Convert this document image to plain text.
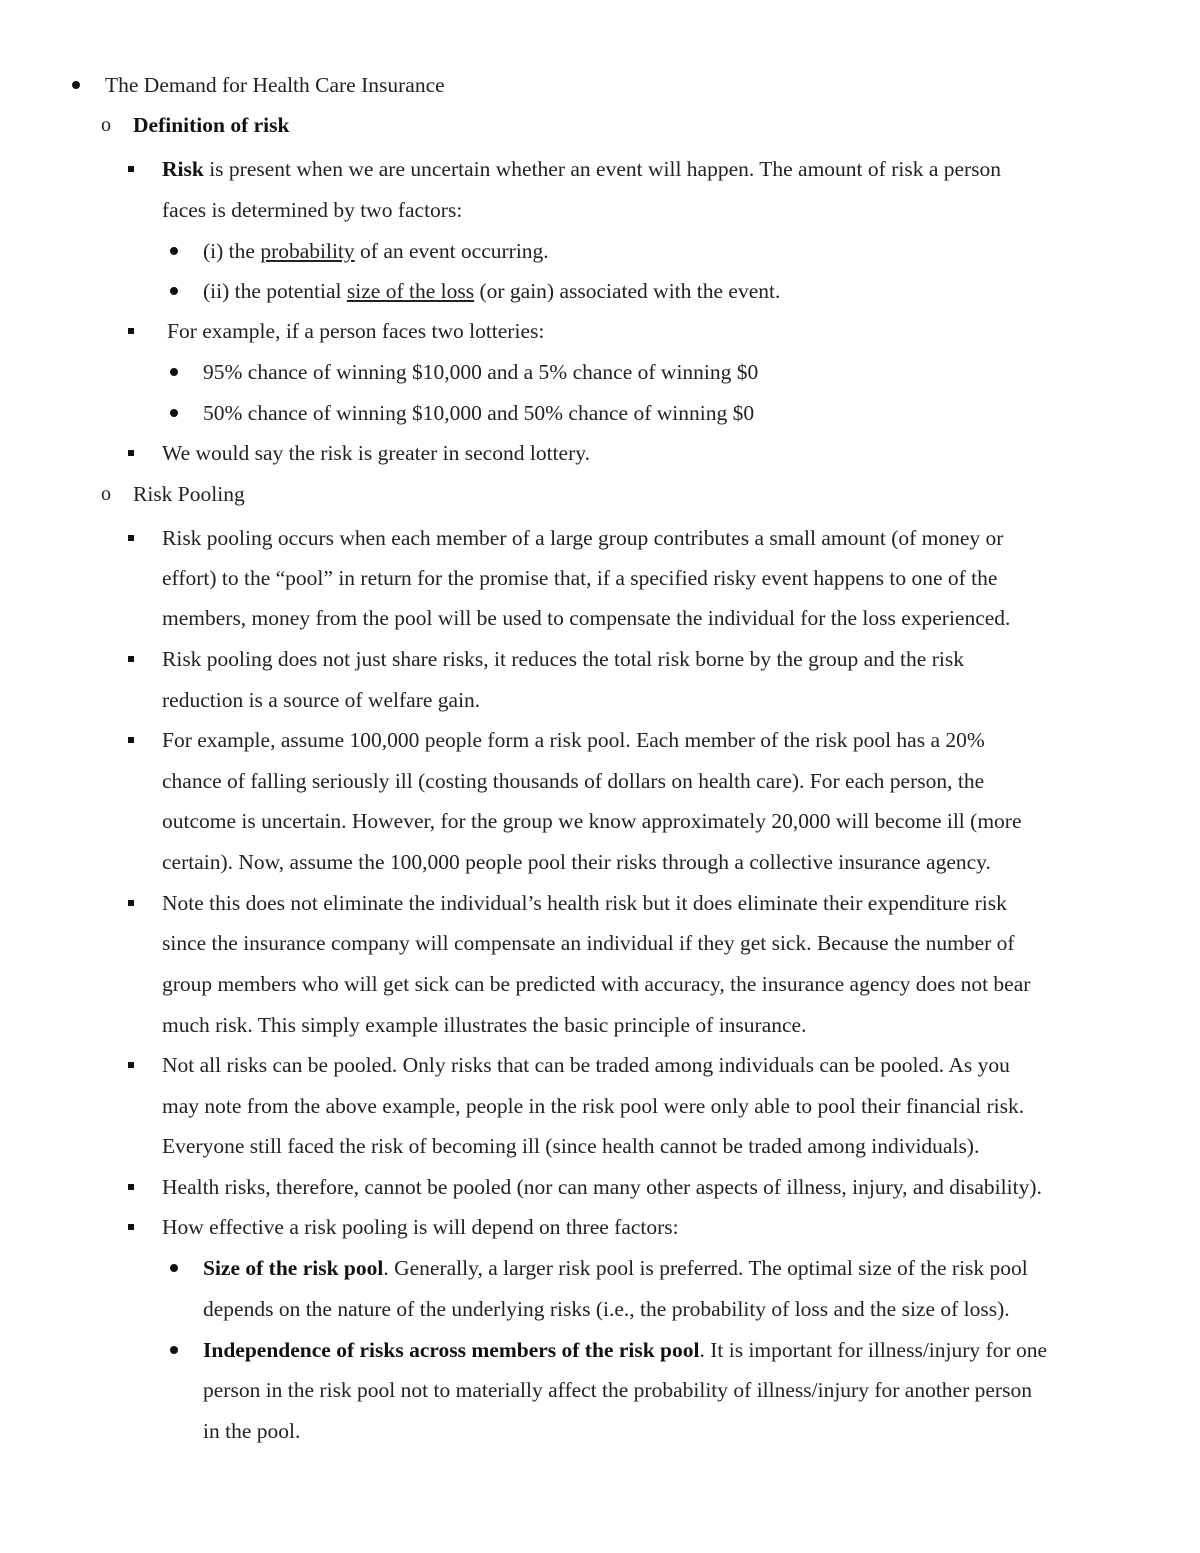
The Demand for Health Care Insurance
o Definition of risk
Risk is present when we are uncertain whether an event will happen. The amount of risk a person
faces is determined by two factors:
(i) the probability of an event occurring.
(ii) the potential size of the loss (or gain) associated with the event.
For example, if a person faces two lotteries:
95% chance of winning $10,000 and a 5% chance of winning $0
50% chance of winning $10,000 and 50% chance of winning $0
We would say the risk is greater in second lottery.
o Risk Pooling
Risk pooling occurs when each member of a large group contributes a small amount (of money or
effort) to the “pool” in return for the promise that, if a specified risky event happens to one of the
members, money from the pool will be used to compensate the individual for the loss experienced.
Risk pooling does not just share risks, it reduces the total risk borne by the group and the risk
reduction is a source of welfare gain.
For example, assume 100,000 people form a risk pool. Each member of the risk pool has a 20%
chance of falling seriously ill (costing thousands of dollars on health care). For each person, the
outcome is uncertain. However, for the group we know approximately 20,000 will become ill (more
certain). Now, assume the 100,000 people pool their risks through a collective insurance agency.
Note this does not eliminate the individual’s health risk but it does eliminate their expenditure risk
since the insurance company will compensate an individual if they get sick. Because the number of
group members who will get sick can be predicted with accuracy, the insurance agency does not bear
much risk. This simply example illustrates the basic principle of insurance.
Not all risks can be pooled. Only risks that can be traded among individuals can be pooled. As you
may note from the above example, people in the risk pool were only able to pool their financial risk.
Everyone still faced the risk of becoming ill (since health cannot be traded among individuals).
Health risks, therefore, cannot be pooled (nor can many other aspects of illness, injury, and disability).
How effective a risk pooling is will depend on three factors:
Size of the risk pool. Generally, a larger risk pool is preferred. The optimal size of the risk pool
depends on the nature of the underlying risks (i.e., the probability of loss and the size of loss).
Independence of risks across members of the risk pool. It is important for illness/injury for one
person in the risk pool not to materially affect the probability of illness/injury for another person
in the pool.
